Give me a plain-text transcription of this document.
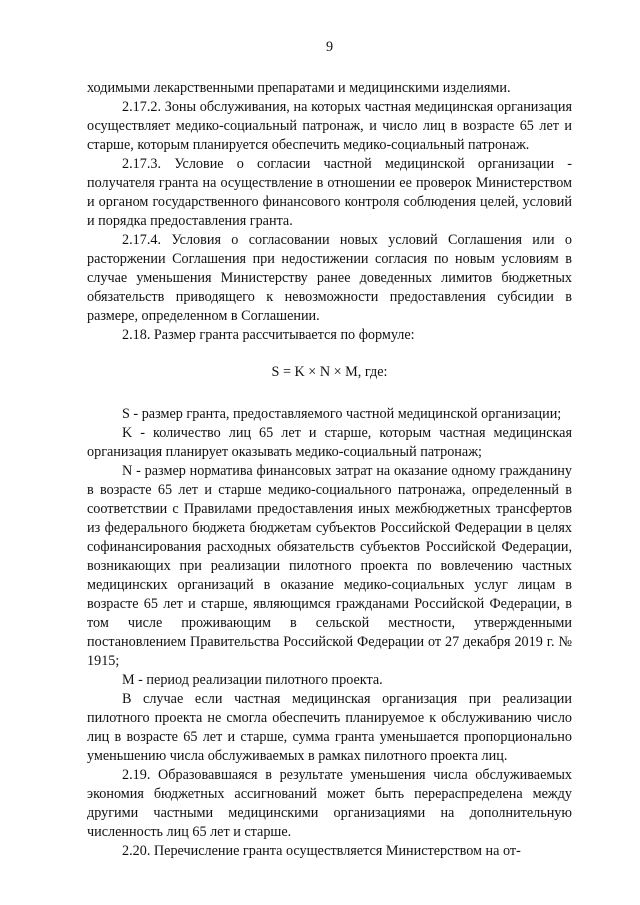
9

ходимыми лекарственными препаратами и медицинскими изделиями.

2.17.2. Зоны обслуживания, на которых частная медицинская организация осуществляет медико-социальный патронаж, и число лиц в возрасте 65 лет и старше, которым планируется обеспечить медико-социальный патронаж.

2.17.3. Условие о согласии частной медицинской организации - получателя гранта на осуществление в отношении ее проверок Министерством и органом государственного финансового контроля соблюдения целей, условий и порядка предоставления гранта.

2.17.4. Условия о согласовании новых условий Соглашения или о расторжении Соглашения при недостижении согласия по новым условиям в случае уменьшения Министерству ранее доведенных лимитов бюджетных обязательств приводящего к невозможности предоставления субсидии в размере, определенном в Соглашении.

2.18. Размер гранта рассчитывается по формуле:

S = K × N × M, где:

S - размер гранта, предоставляемого частной медицинской организации;

K - количество лиц 65 лет и старше, которым частная медицинская организация планирует оказывать медико-социальный патронаж;

N - размер норматива финансовых затрат на оказание одному гражданину в возрасте 65 лет и старше медико-социального патронажа, определенный в соответствии с Правилами предоставления иных межбюджетных трансфертов из федерального бюджета бюджетам субъектов Российской Федерации в целях софинансирования расходных обязательств субъектов Российской Федерации, возникающих при реализации пилотного проекта по вовлечению частных медицинских организаций в оказание медико-социальных услуг лицам в возрасте 65 лет и старше, являющимся гражданами Российской Федерации, в том числе проживающим в сельской местности, утвержденными постановлением Правительства Российской Федерации от 27 декабря 2019 г. № 1915;

M - период реализации пилотного проекта.

В случае если частная медицинская организация при реализации пилотного проекта не смогла обеспечить планируемое к обслуживанию число лиц в возрасте 65 лет и старше, сумма гранта уменьшается пропорционально уменьшению числа обслуживаемых в рамках пилотного проекта лиц.

2.19. Образовавшаяся в результате уменьшения числа обслуживаемых экономия бюджетных ассигнований может быть перераспределена между другими частными медицинскими организациями на дополнительную численность лиц 65 лет и старше.

2.20. Перечисление гранта осуществляется Министерством на от-
